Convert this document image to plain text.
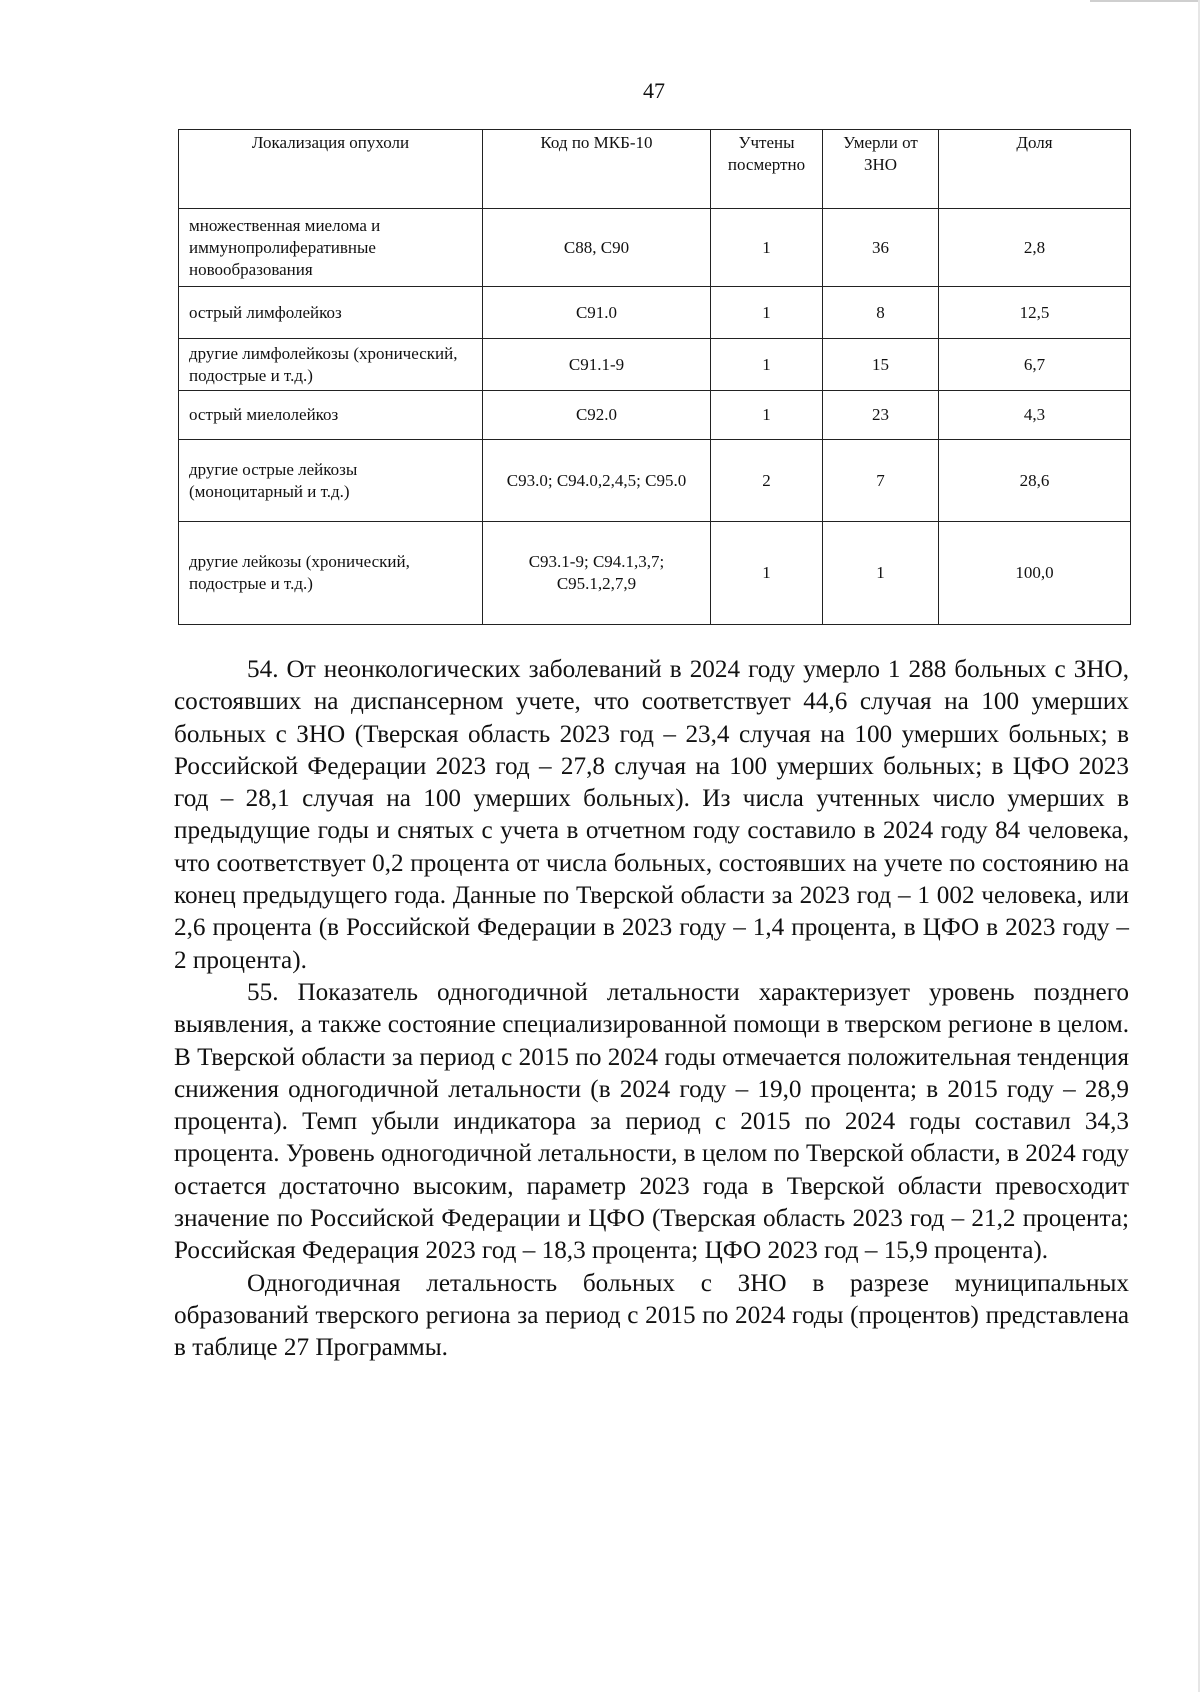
47
Локализация опухоли	Код по МКБ-10	Учтены посмертно	Умерли от ЗНО	Доля
множественная миелома и иммунопролиферативные новообразования	С88, С90	1	36	2,8
острый лимфолейкоз	С91.0	1	8	12,5
другие лимфолейкозы (хронический, подострые и т.д.)	С91.1-9	1	15	6,7
острый миелолейкоз	С92.0	1	23	4,3
другие острые лейкозы (моноцитарный и т.д.)	С93.0; С94.0,2,4,5; С95.0	2	7	28,6
другие лейкозы (хронический, подострые и т.д.)	С93.1-9; С94.1,3,7; С95.1,2,7,9	1	1	100,0

54. От неонкологических заболеваний в 2024 году умерло 1 288 больных с ЗНО, состоявших на диспансерном учете, что соответствует 44,6 случая на 100 умерших больных с ЗНО (Тверская область 2023 год – 23,4 случая на 100 умерших больных; в Российской Федерации 2023 год – 27,8 случая на 100 умерших больных; в ЦФО 2023 год – 28,1 случая на 100 умерших больных). Из числа учтенных число умерших в предыдущие годы и снятых с учета в отчетном году составило в 2024 году 84 человека, что соответствует 0,2 процента от числа больных, состоявших на учете по состоянию на конец предыдущего года. Данные по Тверской области за 2023 год – 1 002 человека, или 2,6 процента (в Российской Федерации в 2023 году – 1,4 процента, в ЦФО в 2023 году – 2 процента).

55. Показатель одногодичной летальности характеризует уровень позднего выявления, а также состояние специализированной помощи в тверском регионе в целом. В Тверской области за период с 2015 по 2024 годы отмечается положительная тенденция снижения одногодичной летальности (в 2024 году – 19,0 процента; в 2015 году – 28,9 процента). Темп убыли индикатора за период с 2015 по 2024 годы составил 34,3 процента. Уровень одногодичной летальности, в целом по Тверской области, в 2024 году остается достаточно высоким, параметр 2023 года в Тверской области превосходит значение по Российской Федерации и ЦФО (Тверская область 2023 год – 21,2 процента; Российская Федерация 2023 год – 18,3 процента; ЦФО 2023 год – 15,9 процента).

Одногодичная летальность больных с ЗНО в разрезе муниципальных образований тверского региона за период с 2015 по 2024 годы (процентов) представлена в таблице 27 Программы.
